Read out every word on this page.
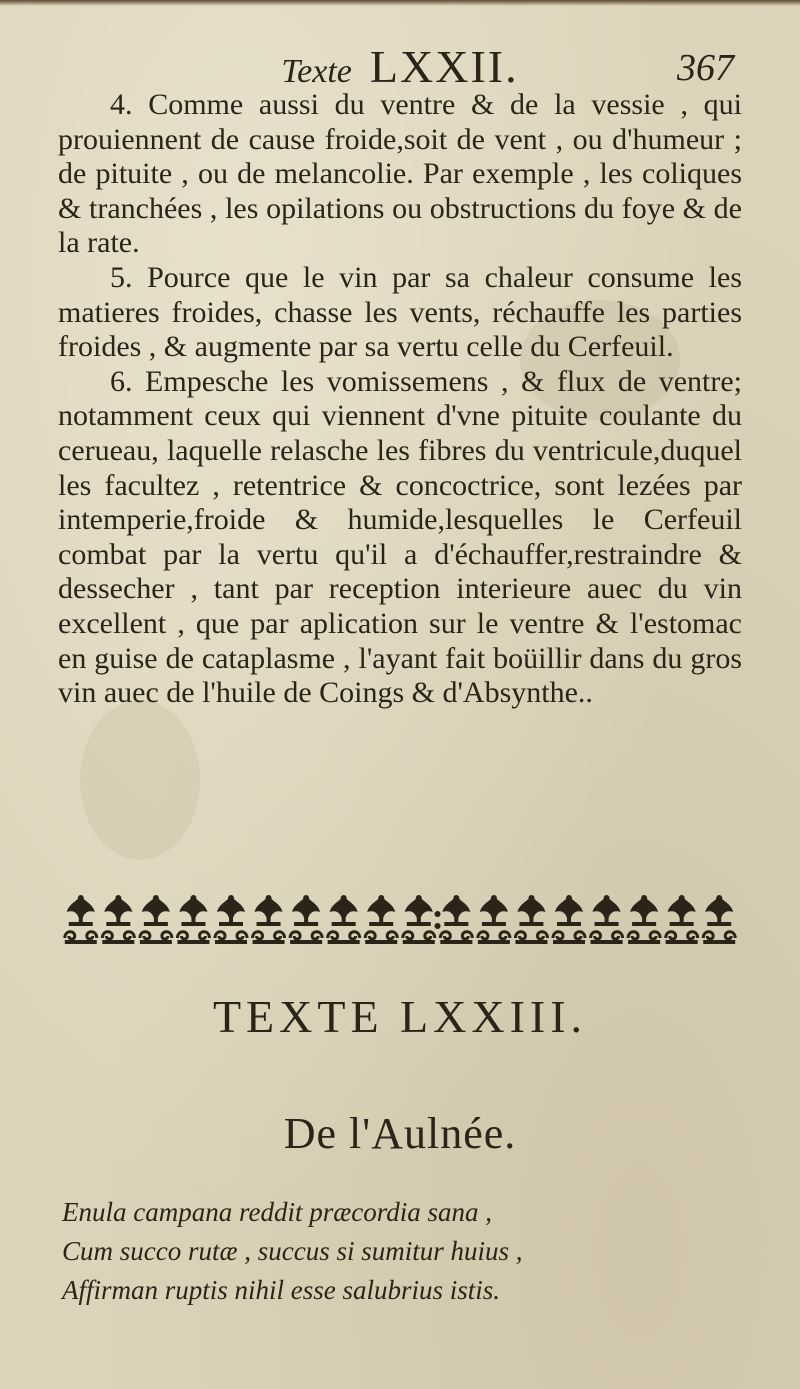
Texte LXXII.	367

4. Comme aussi du ventre & de la vessie , qui prouiennent de cause froide,soit de vent , ou d'humeur ; de pituite , ou de melancolie. Par exemple , les coliques & tranchées , les opilations ou obstructions du foye & de la rate.

5. Pource que le vin par sa chaleur consume les matieres froides, chasse les vents, réchauffe les parties froides , & augmente par sa vertu celle du Cerfeuil.

6. Empesche les vomissemens , & flux de ventre; notamment ceux qui viennent d'vne pituite coulante du cerueau, laquelle relasche les fibres du ventricule,duquel les facultez , retentrice & concoctrice, sont lezées par intemperie,froide & humide,lesquelles le Cerfeuil combat par la vertu qu'il a d'échauffer,restraindre & dessecher , tant par reception interieure auec du vin excellent , que par aplication sur le ventre & l'estomac en guise de cataplasme , l'ayant fait boüillir dans du gros vin auec de l'huile de Coings & d'Absynthe..

TEXTE LXXIII.
De l'Aulnée.
Enula campana reddit præcordia sana ,
Cum succo rutæ , succus si sumitur huius ,
Affirman ruptis nihil esse salubrius istis.
